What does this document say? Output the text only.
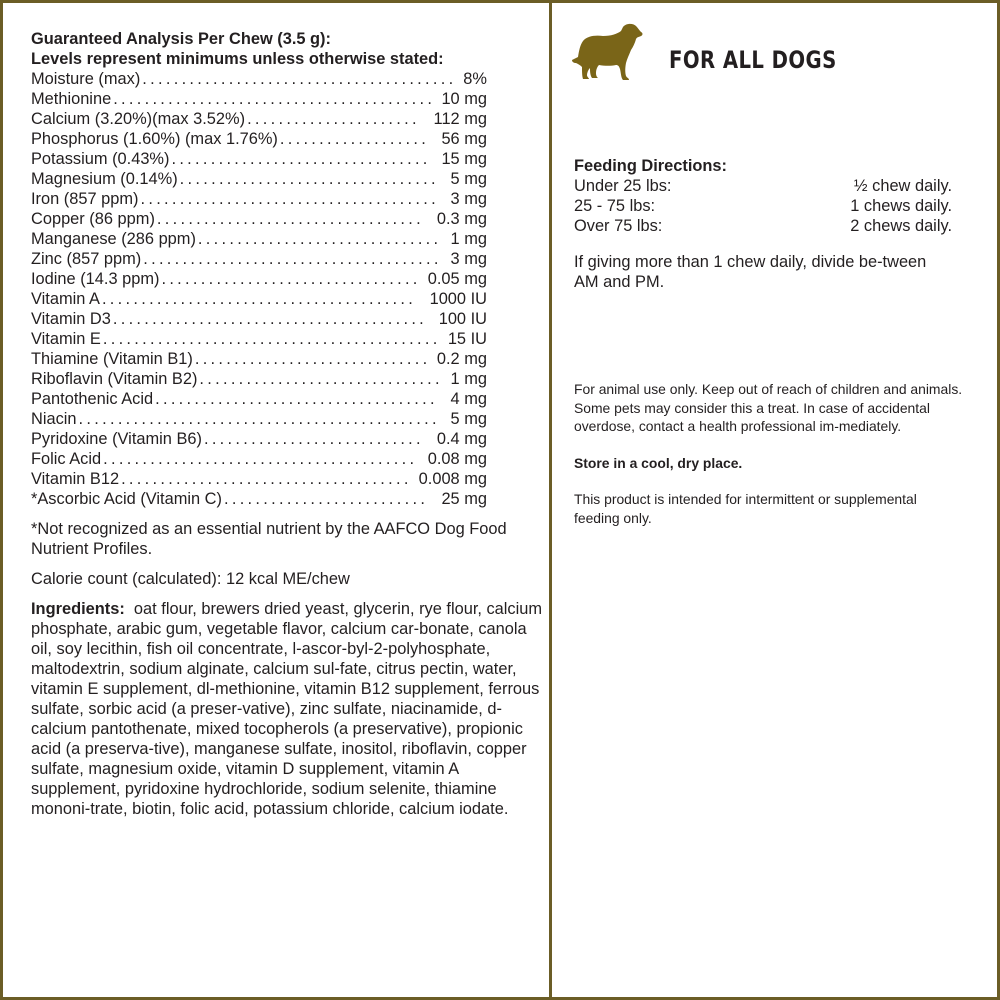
Guaranteed Analysis Per Chew (3.5 g):
Levels represent minimums unless otherwise stated:
Moisture (max) ........................................ 8%
Methionine ......................................... 10 mg
Calcium (3.20%)(max 3.52%) ...................... 112 mg
Phosphorus (1.60%) (max 1.76%) ................... 56 mg
Potassium (0.43%) ................................. 15 mg
Magnesium (0.14%) ................................. 5 mg
Iron (857 ppm) ...................................... 3 mg
Copper (86 ppm) .................................. 0.3 mg
Manganese (286 ppm) ............................... 1 mg
Zinc (857 ppm) ...................................... 3 mg
Iodine (14.3 ppm) ................................. 0.05 mg
Vitamin A ........................................ 1000 IU
Vitamin D3 ........................................ 100 IU
Vitamin E ........................................... 15 IU
Thiamine (Vitamin B1) .............................. 0.2 mg
Riboflavin (Vitamin B2) ............................... 1 mg
Pantothenic Acid .................................... 4 mg
Niacin .............................................. 5 mg
Pyridoxine (Vitamin B6) ............................ 0.4 mg
Folic Acid ........................................ 0.08 mg
Vitamin B12 ..................................... 0.008 mg
*Ascorbic Acid (Vitamin C) .......................... 25 mg
*Not recognized as an essential nutrient by the AAFCO Dog Food Nutrient Profiles.
Calorie count (calculated): 12 kcal ME/chew
Ingredients: oat flour, brewers dried yeast, glycerin, rye flour, calcium phosphate, arabic gum, vegetable flavor, calcium car-bonate, canola oil, soy lecithin, fish oil concentrate, l-ascor-byl-2-polyhosphate, maltodextrin, sodium alginate, calcium sul-fate, citrus pectin, water, vitamin E supplement, dl-methionine, vitamin B12 supplement, ferrous sulfate, sorbic acid (a preser-vative), zinc sulfate, niacinamide, d-calcium pantothenate, mixed tocopherols (a preservative), propionic acid (a preserva-tive), manganese sulfate, inositol, riboflavin, copper sulfate, magnesium oxide, vitamin D supplement, vitamin A supplement, pyridoxine hydrochloride, sodium selenite, thiamine mononi-trate, biotin, folic acid, potassium chloride, calcium iodate.
FOR ALL DOGS
Feeding Directions:
Under 25 lbs:	½ chew daily.
25 - 75 lbs:	1 chews daily.
Over 75 lbs:	2 chews daily.
If giving more than 1 chew daily, divide be-tween AM and PM.

For animal use only. Keep out of reach of children and animals. Some pets may consider this a treat. In case of accidental overdose, contact a health professional im-mediately.

Store in a cool, dry place.

This product is intended for intermittent or supplemental feeding only.
